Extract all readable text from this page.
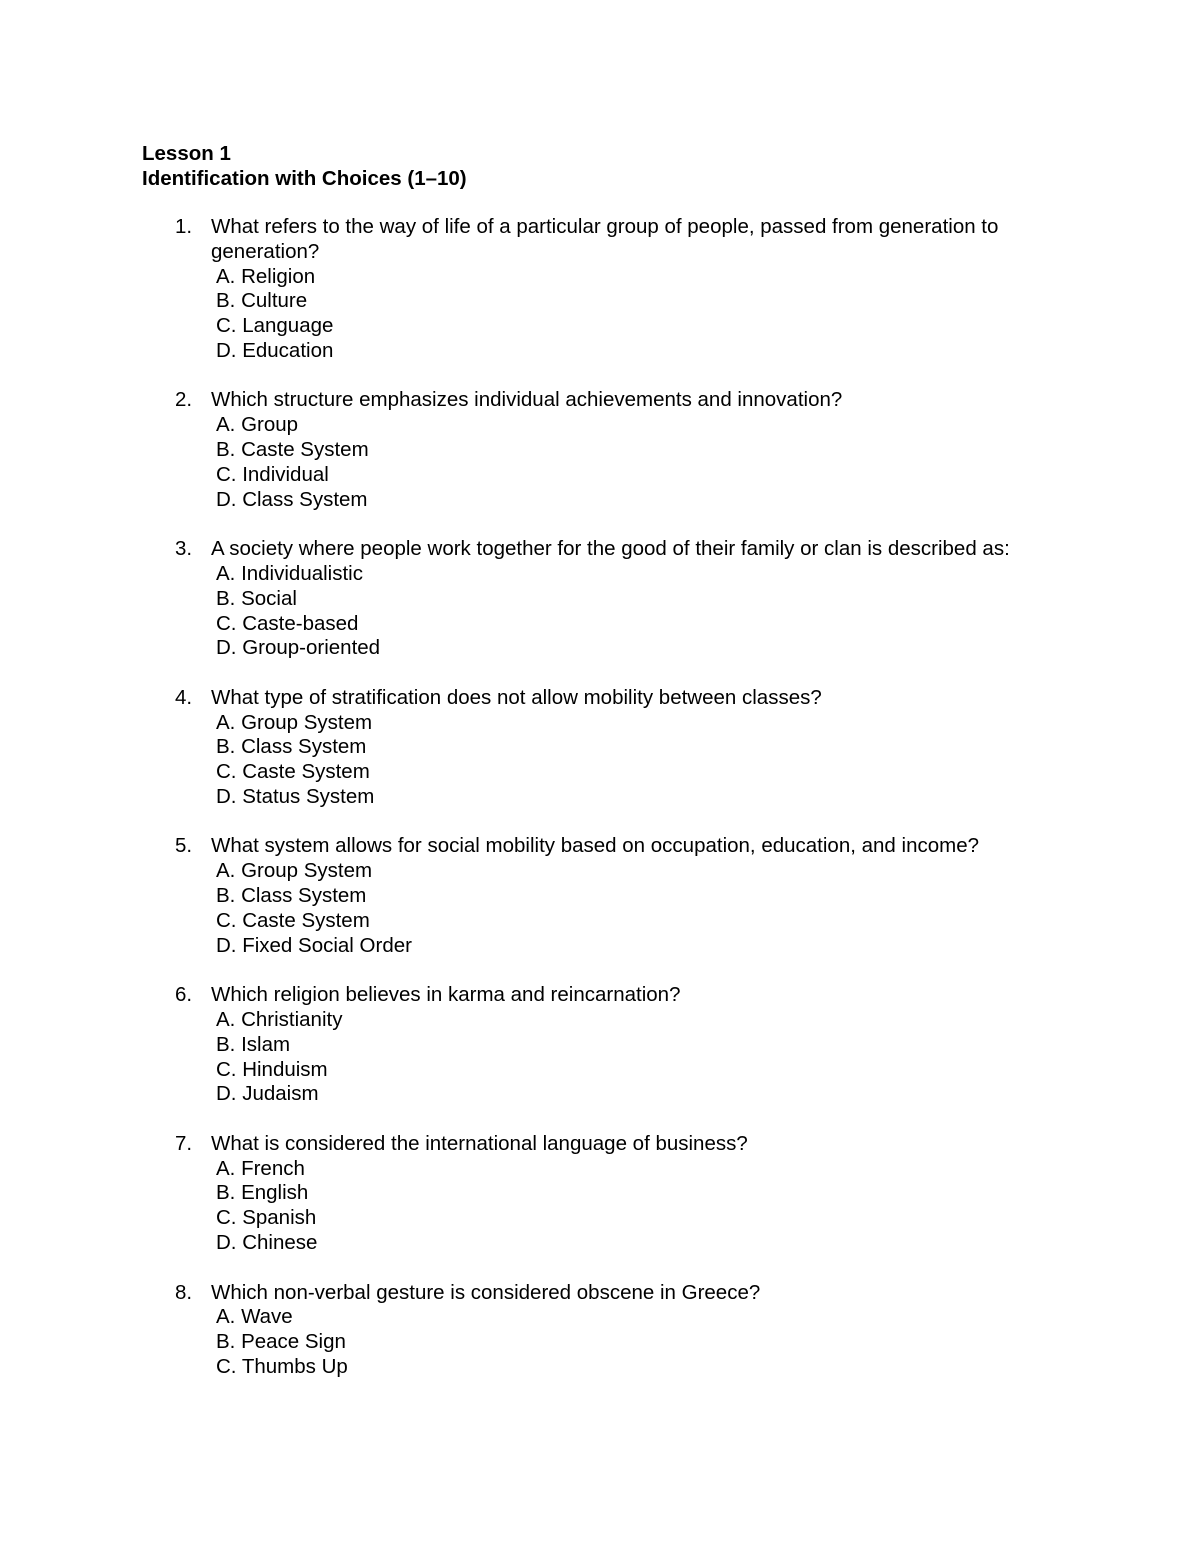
Lesson 1
Identification with Choices (1–10)
1. What refers to the way of life of a particular group of people, passed from generation to generation?
A. Religion
B. Culture
C. Language
D. Education
2. Which structure emphasizes individual achievements and innovation?
A. Group
B. Caste System
C. Individual
D. Class System
3. A society where people work together for the good of their family or clan is described as:
A. Individualistic
B. Social
C. Caste-based
D. Group-oriented
4. What type of stratification does not allow mobility between classes?
A. Group System
B. Class System
C. Caste System
D. Status System
5. What system allows for social mobility based on occupation, education, and income?
A. Group System
B. Class System
C. Caste System
D. Fixed Social Order
6. Which religion believes in karma and reincarnation?
A. Christianity
B. Islam
C. Hinduism
D. Judaism
7. What is considered the international language of business?
A. French
B. English
C. Spanish
D. Chinese
8. Which non-verbal gesture is considered obscene in Greece?
A. Wave
B. Peace Sign
C. Thumbs Up
